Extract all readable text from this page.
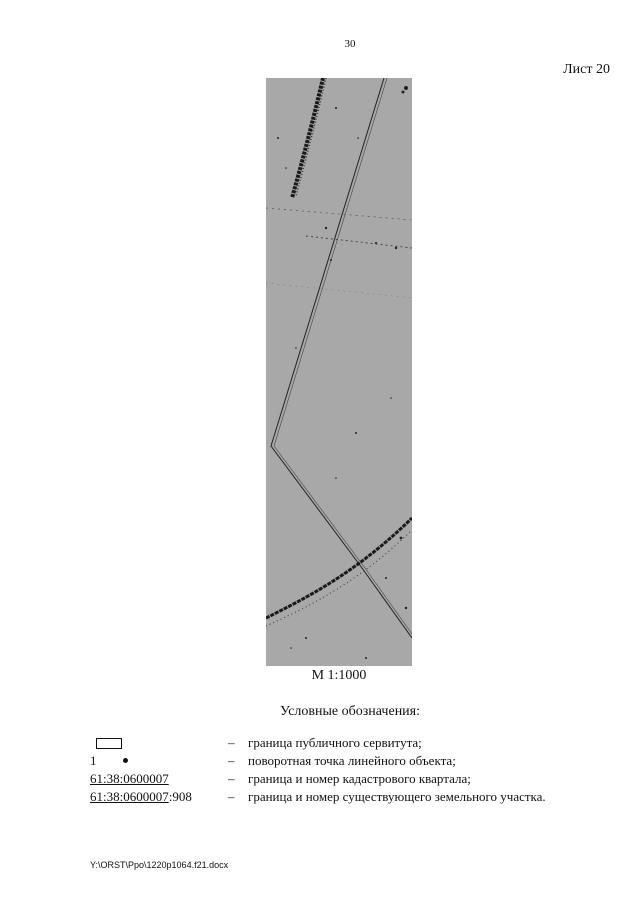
30
Лист 20
М 1:1000
Условные обозначения:
– граница публичного сервитута;
1	– поворотная точка линейного объекта;
61:38:0600007	– граница и номер кадастрового квартала;
61:38:0600007:908	– граница и номер существующего земельного участка.
Y:\ORST\Ppo\1220p1064.f21.docx
